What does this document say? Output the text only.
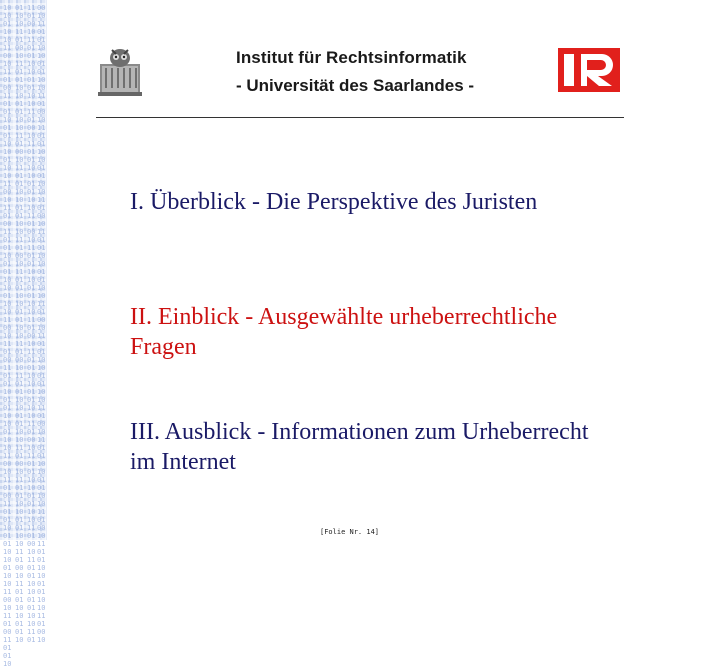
1010011010110010110100110101100101101001101011001011010011010110010110100110101100101101001101011001011010011010110010110100110101100101101001101011001011010011010110
0110101101001011010110100101101011010010110101101001011010110100101101011010010110101101001011010110100101101011010010110101101001011010110100101101011010010110
1101001011010110100101101011010010110101101001011010110100101101011010010110101101001011010110100101101011010010110101101001011010110100101101011010010110101101
0010110101101001011010110100101101011010010110101101001011010110100101101011010010110101101001011010110100101101011010010110101101001011010110100101101011010010
Institut für Rechtsinformatik
- Universität des Saarlandes -

I. Überblick - Die Perspektive des Juristen

II. Einblick - Ausgewählte urheberrechtliche Fragen

III. Ausblick - Informationen zum Urheberrecht im Internet

[Folie Nr. 14]
